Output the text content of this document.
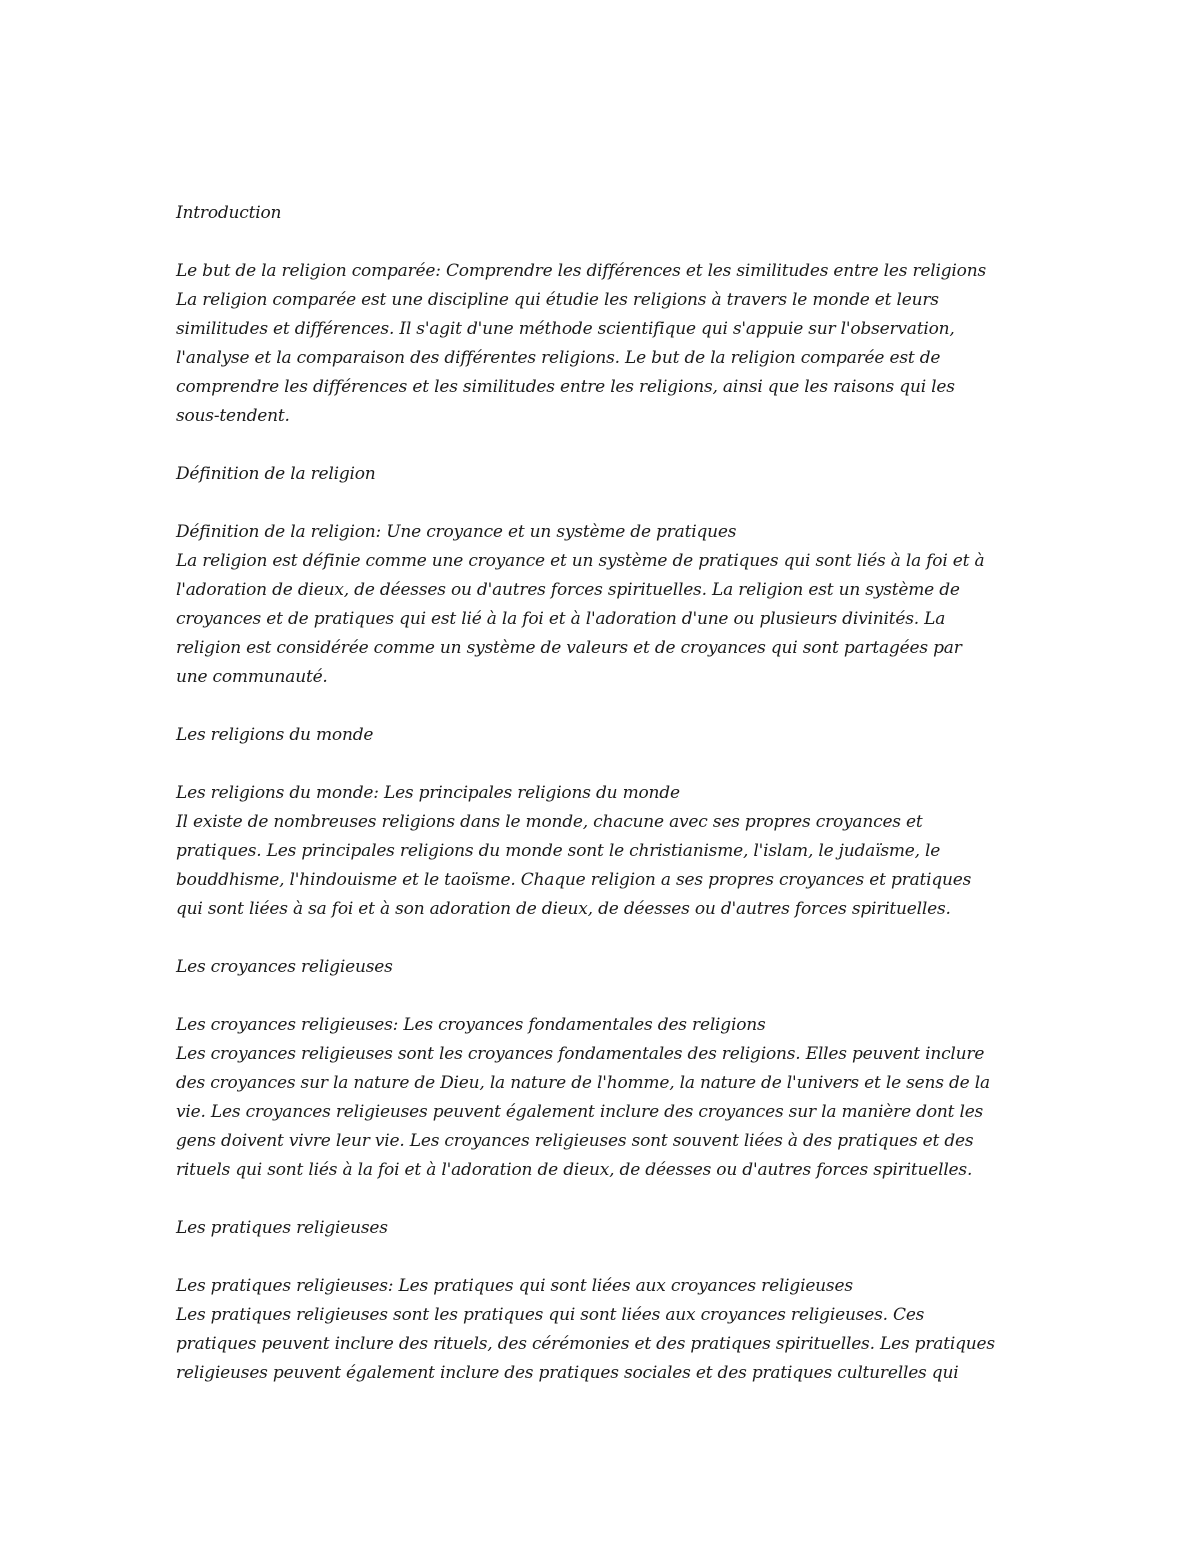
Introduction
Le but de la religion comparée: Comprendre les différences et les similitudes entre les religions
La religion comparée est une discipline qui étudie les religions à travers le monde et leurs
similitudes et différences. Il s'agit d'une méthode scientifique qui s'appuie sur l'observation,
l'analyse et la comparaison des différentes religions. Le but de la religion comparée est de
comprendre les différences et les similitudes entre les religions, ainsi que les raisons qui les
sous-tendent.
Définition de la religion
Définition de la religion: Une croyance et un système de pratiques
La religion est définie comme une croyance et un système de pratiques qui sont liés à la foi et à
l'adoration de dieux, de déesses ou d'autres forces spirituelles. La religion est un système de
croyances et de pratiques qui est lié à la foi et à l'adoration d'une ou plusieurs divinités. La
religion est considérée comme un système de valeurs et de croyances qui sont partagées par
une communauté.
Les religions du monde
Les religions du monde: Les principales religions du monde
Il existe de nombreuses religions dans le monde, chacune avec ses propres croyances et
pratiques. Les principales religions du monde sont le christianisme, l'islam, le judaïsme, le
bouddhisme, l'hindouisme et le taoïsme. Chaque religion a ses propres croyances et pratiques
qui sont liées à sa foi et à son adoration de dieux, de déesses ou d'autres forces spirituelles.
Les croyances religieuses
Les croyances religieuses: Les croyances fondamentales des religions
Les croyances religieuses sont les croyances fondamentales des religions. Elles peuvent inclure
des croyances sur la nature de Dieu, la nature de l'homme, la nature de l'univers et le sens de la
vie. Les croyances religieuses peuvent également inclure des croyances sur la manière dont les
gens doivent vivre leur vie. Les croyances religieuses sont souvent liées à des pratiques et des
rituels qui sont liés à la foi et à l'adoration de dieux, de déesses ou d'autres forces spirituelles.
Les pratiques religieuses
Les pratiques religieuses: Les pratiques qui sont liées aux croyances religieuses
Les pratiques religieuses sont les pratiques qui sont liées aux croyances religieuses. Ces
pratiques peuvent inclure des rituels, des cérémonies et des pratiques spirituelles. Les pratiques
religieuses peuvent également inclure des pratiques sociales et des pratiques culturelles qui
